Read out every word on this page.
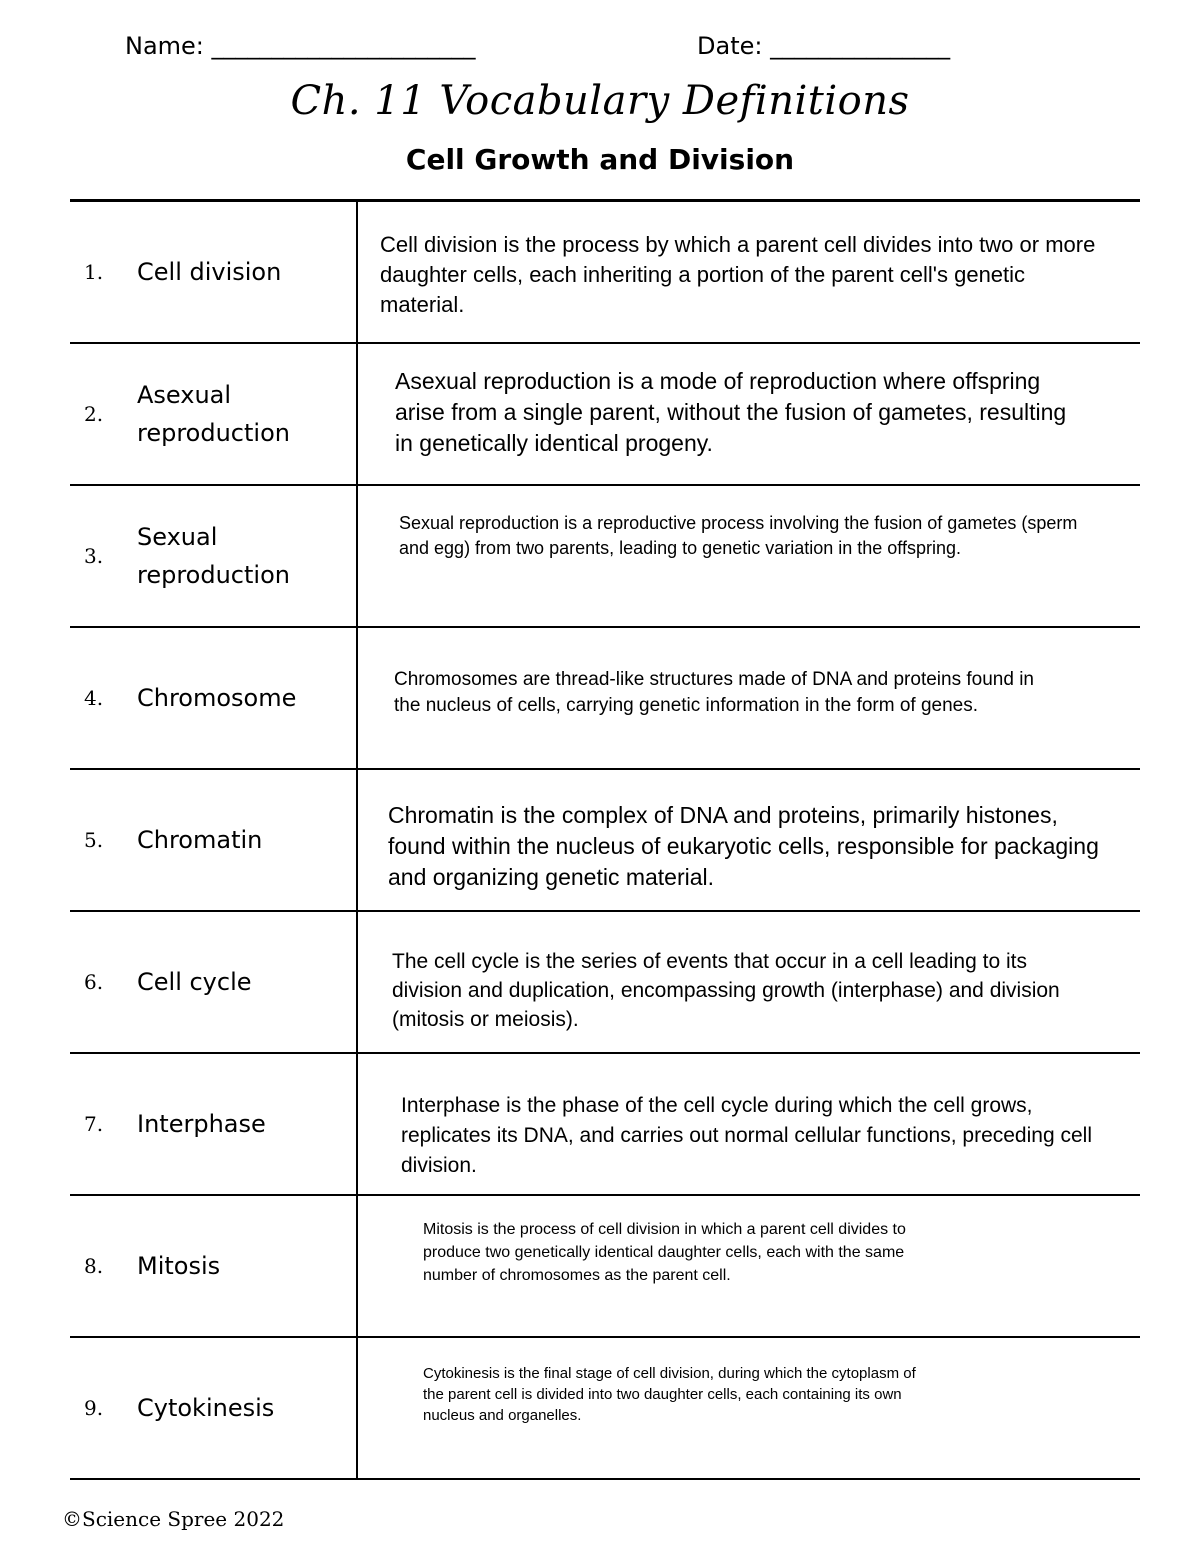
Name: ______________________	Date: _______________
Ch. 11 Vocabulary Definitions
Cell Growth and Division
1. Cell division
Cell division is the process by which a parent cell divides into two or more daughter cells, each inheriting a portion of the parent cell's genetic material.
2.
Asexual reproduction
Asexual reproduction is a mode of reproduction where offspring arise from a single parent, without the fusion of gametes, resulting in genetically identical progeny.
3.
Sexual reproduction
Sexual reproduction is a reproductive process involving the fusion of gametes (sperm and egg) from two parents, leading to genetic variation in the offspring.
4. Chromosome
Chromosomes are thread-like structures made of DNA and proteins found in the nucleus of cells, carrying genetic information in the form of genes.
5. Chromatin
Chromatin is the complex of DNA and proteins, primarily histones, found within the nucleus of eukaryotic cells, responsible for packaging and organizing genetic material.
6. Cell cycle
The cell cycle is the series of events that occur in a cell leading to its division and duplication, encompassing growth (interphase) and division (mitosis or meiosis).
7. Interphase
Interphase is the phase of the cell cycle during which the cell grows, replicates its DNA, and carries out normal cellular functions, preceding cell division.
8. Mitosis
Mitosis is the process of cell division in which a parent cell divides to produce two genetically identical daughter cells, each with the same number of chromosomes as the parent cell.
9. Cytokinesis
Cytokinesis is the final stage of cell division, during which the cytoplasm of the parent cell is divided into two daughter cells, each containing its own nucleus and organelles.
©Science Spree 2022
